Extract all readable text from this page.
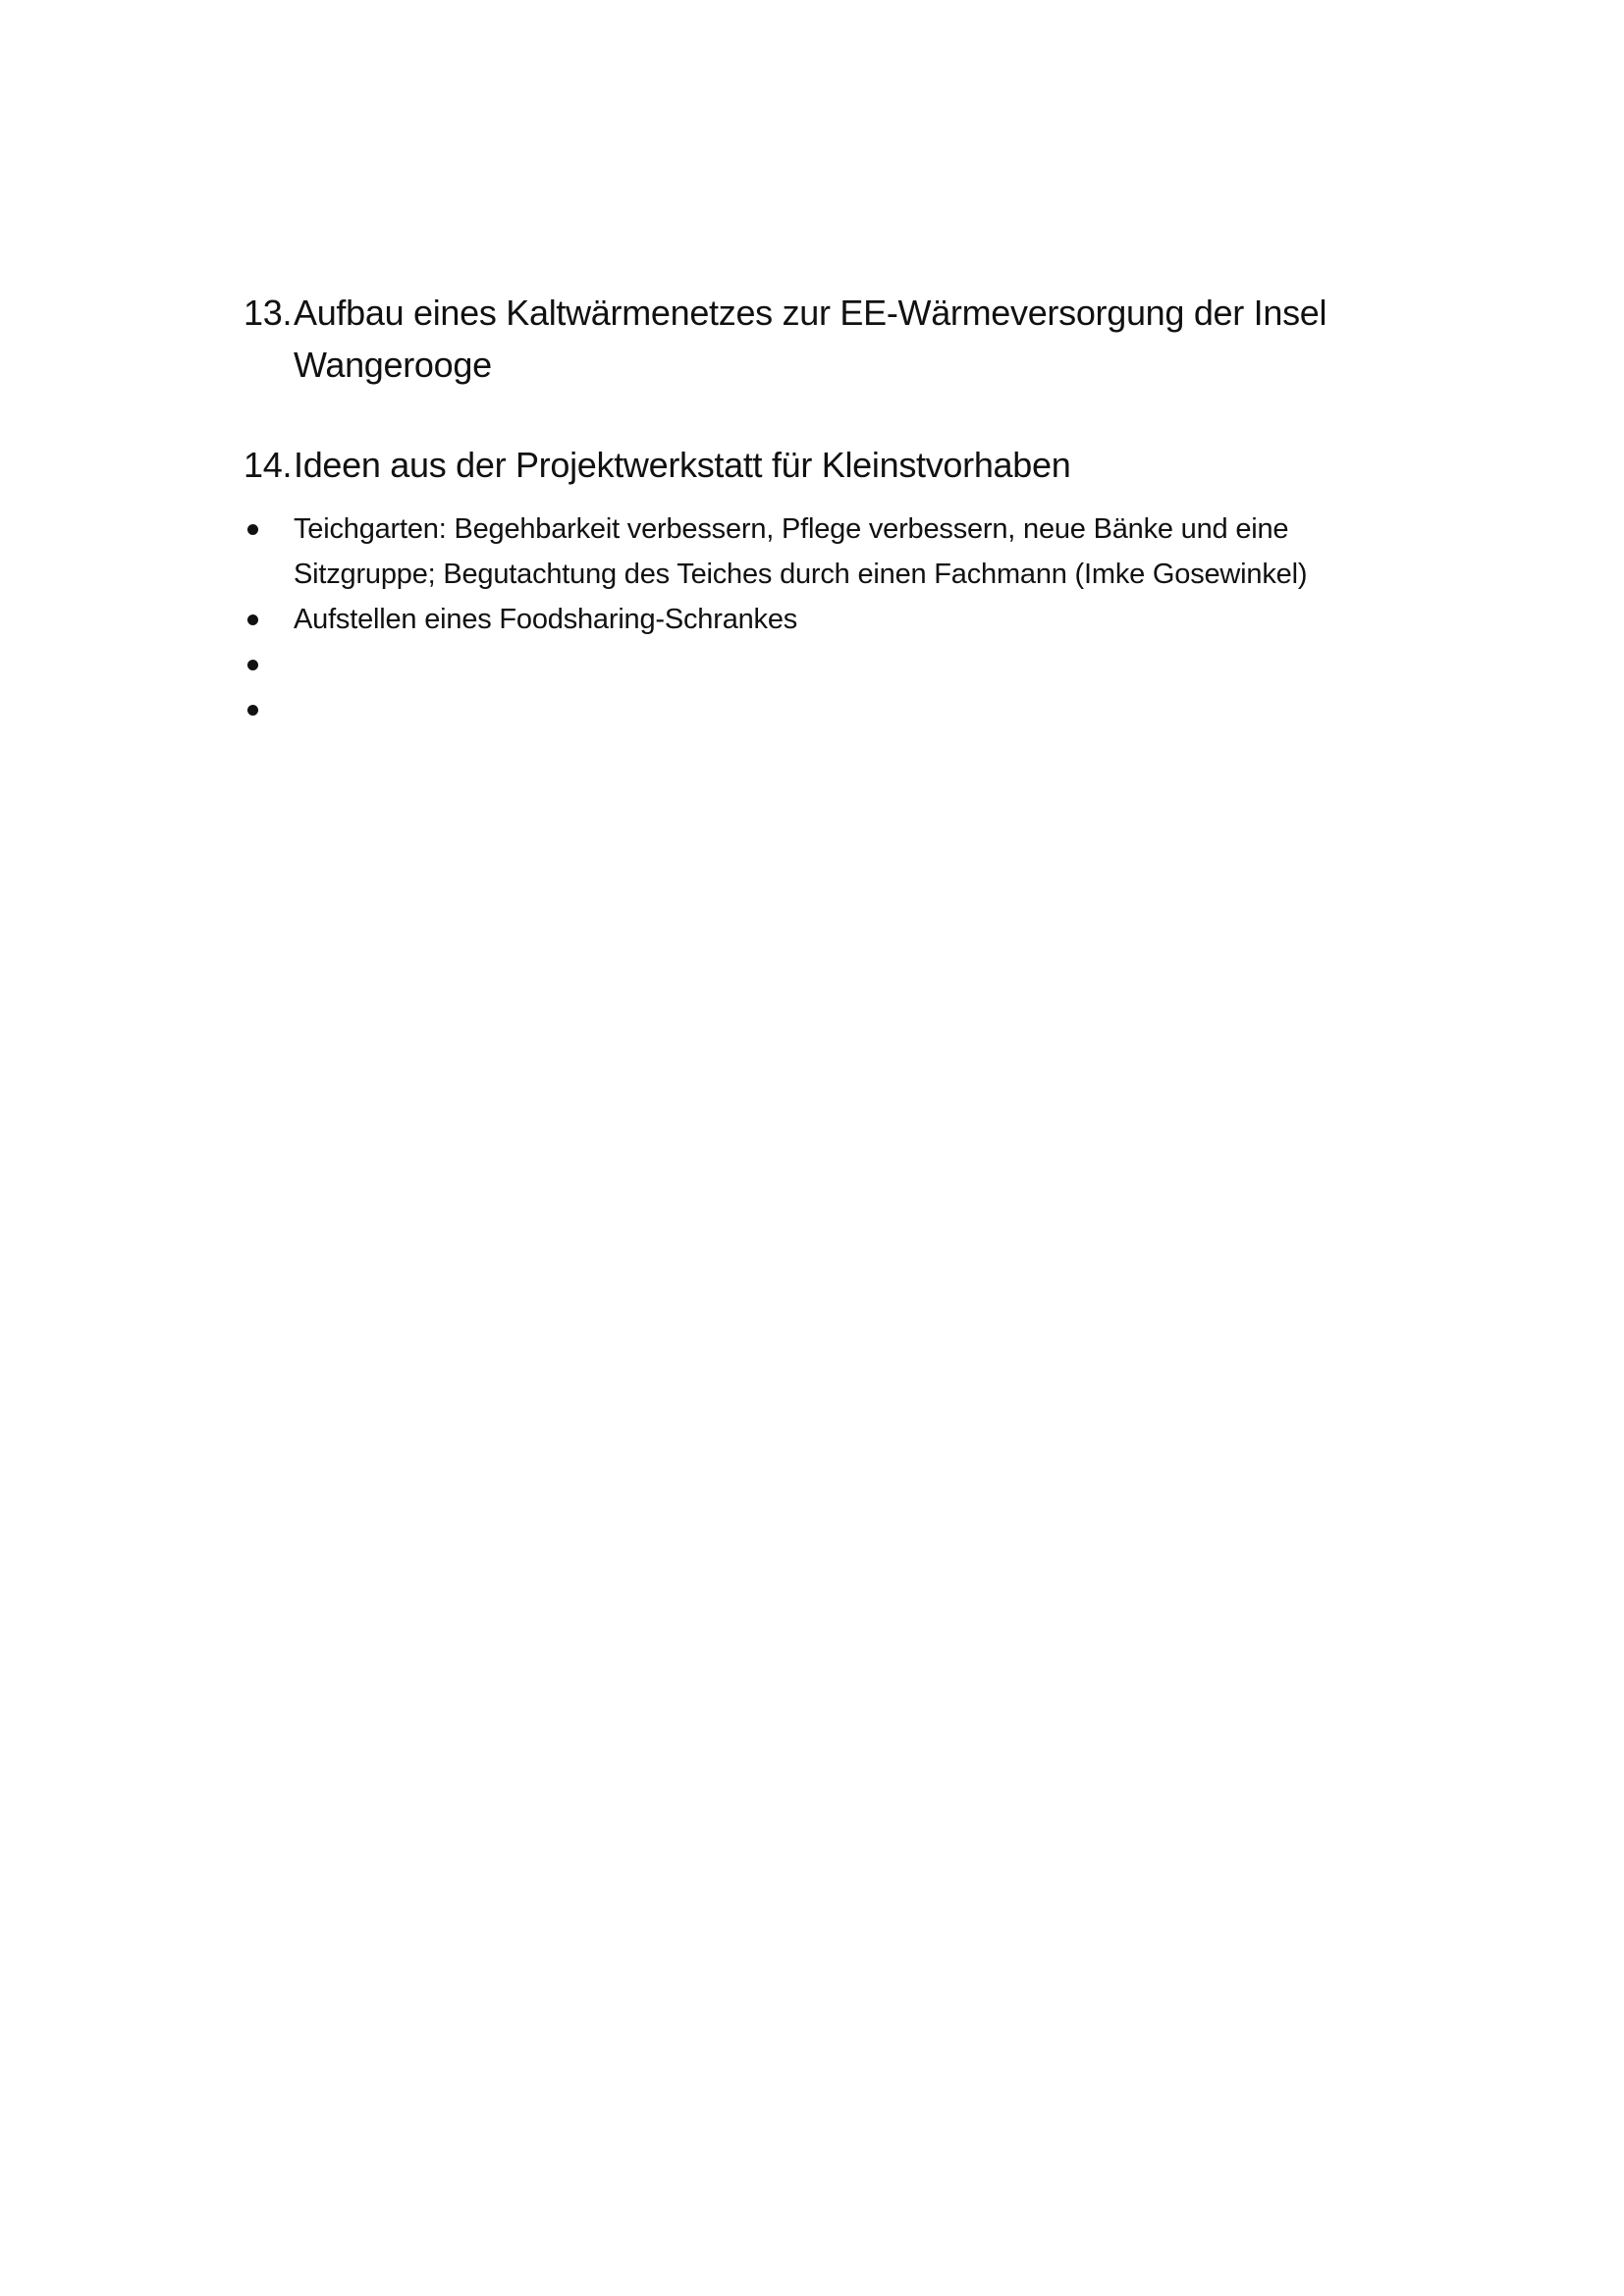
13. Aufbau eines Kaltwärmenetzes zur EE-Wärmeversorgung der Insel Wangerooge
14. Ideen aus der Projektwerkstatt für Kleinstvorhaben
Teichgarten: Begehbarkeit verbessern, Pflege verbessern, neue Bänke und eine Sitzgruppe; Begutachtung des Teiches durch einen Fachmann (Imke Gosewinkel)
Aufstellen eines Foodsharing-Schrankes
